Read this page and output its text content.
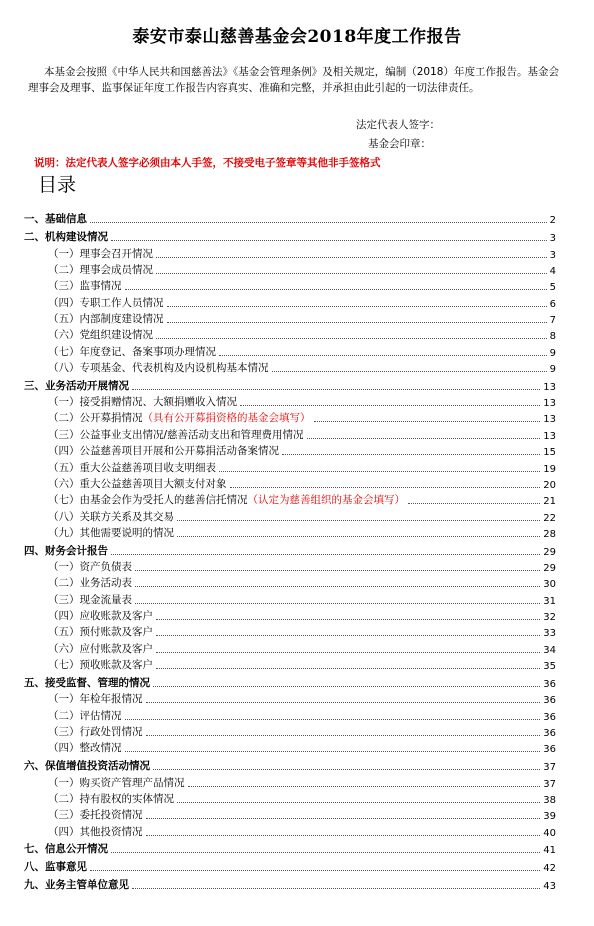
泰安市泰山慈善基金会2018年度工作报告
本基金会按照《中华人民共和国慈善法》《基金会管理条例》及相关规定，编制（2018）年度工作报告。基金会理事会及理事、监事保证年度工作报告内容真实、准确和完整，并承担由此引起的一切法律责任。
法定代表人签字：
基金会印章：
说明：法定代表人签字必须由本人手签，不接受电子签章等其他非手签格式
目录
一、基础信息	2
二、机构建设情况	3
（一）理事会召开情况	3
（二）理事会成员情况	4
（三）监事情况	5
（四）专职工作人员情况	6
（五）内部制度建设情况	7
（六）党组织建设情况	8
（七）年度登记、备案事项办理情况	9
（八）专项基金、代表机构及内设机构基本情况	9
三、业务活动开展情况	13
（一）接受捐赠情况、大额捐赠收入情况	13
（二）公开募捐情况 （具有公开募捐资格的基金会填写）	13
（三）公益事业支出情况/慈善活动支出和管理费用情况	13
（四）公益慈善项目开展和公开募捐活动备案情况	15
（五）重大公益慈善项目收支明细表	19
（六）重大公益慈善项目大额支付对象	20
（七）由基金会作为受托人的慈善信托情况 （认定为慈善组织的基金会填写）	21
（八）关联方关系及其交易	22
（九）其他需要说明的情况	28
四、财务会计报告	29
（一）资产负债表	29
（二）业务活动表	30
（三）现金流量表	31
（四）应收账款及客户	32
（五）预付账款及客户	33
（六）应付账款及客户	34
（七）预收账款及客户	35
五、接受监督、管理的情况	36
（一）年检年报情况	36
（二）评估情况	36
（三）行政处罚情况	36
（四）整改情况	36
六、保值增值投资活动情况	37
（一）购买资产管理产品情况	37
（二）持有股权的实体情况	38
（三）委托投资情况	39
（四）其他投资情况	40
七、信息公开情况	41
八、监事意见	42
九、业务主管单位意见	43
